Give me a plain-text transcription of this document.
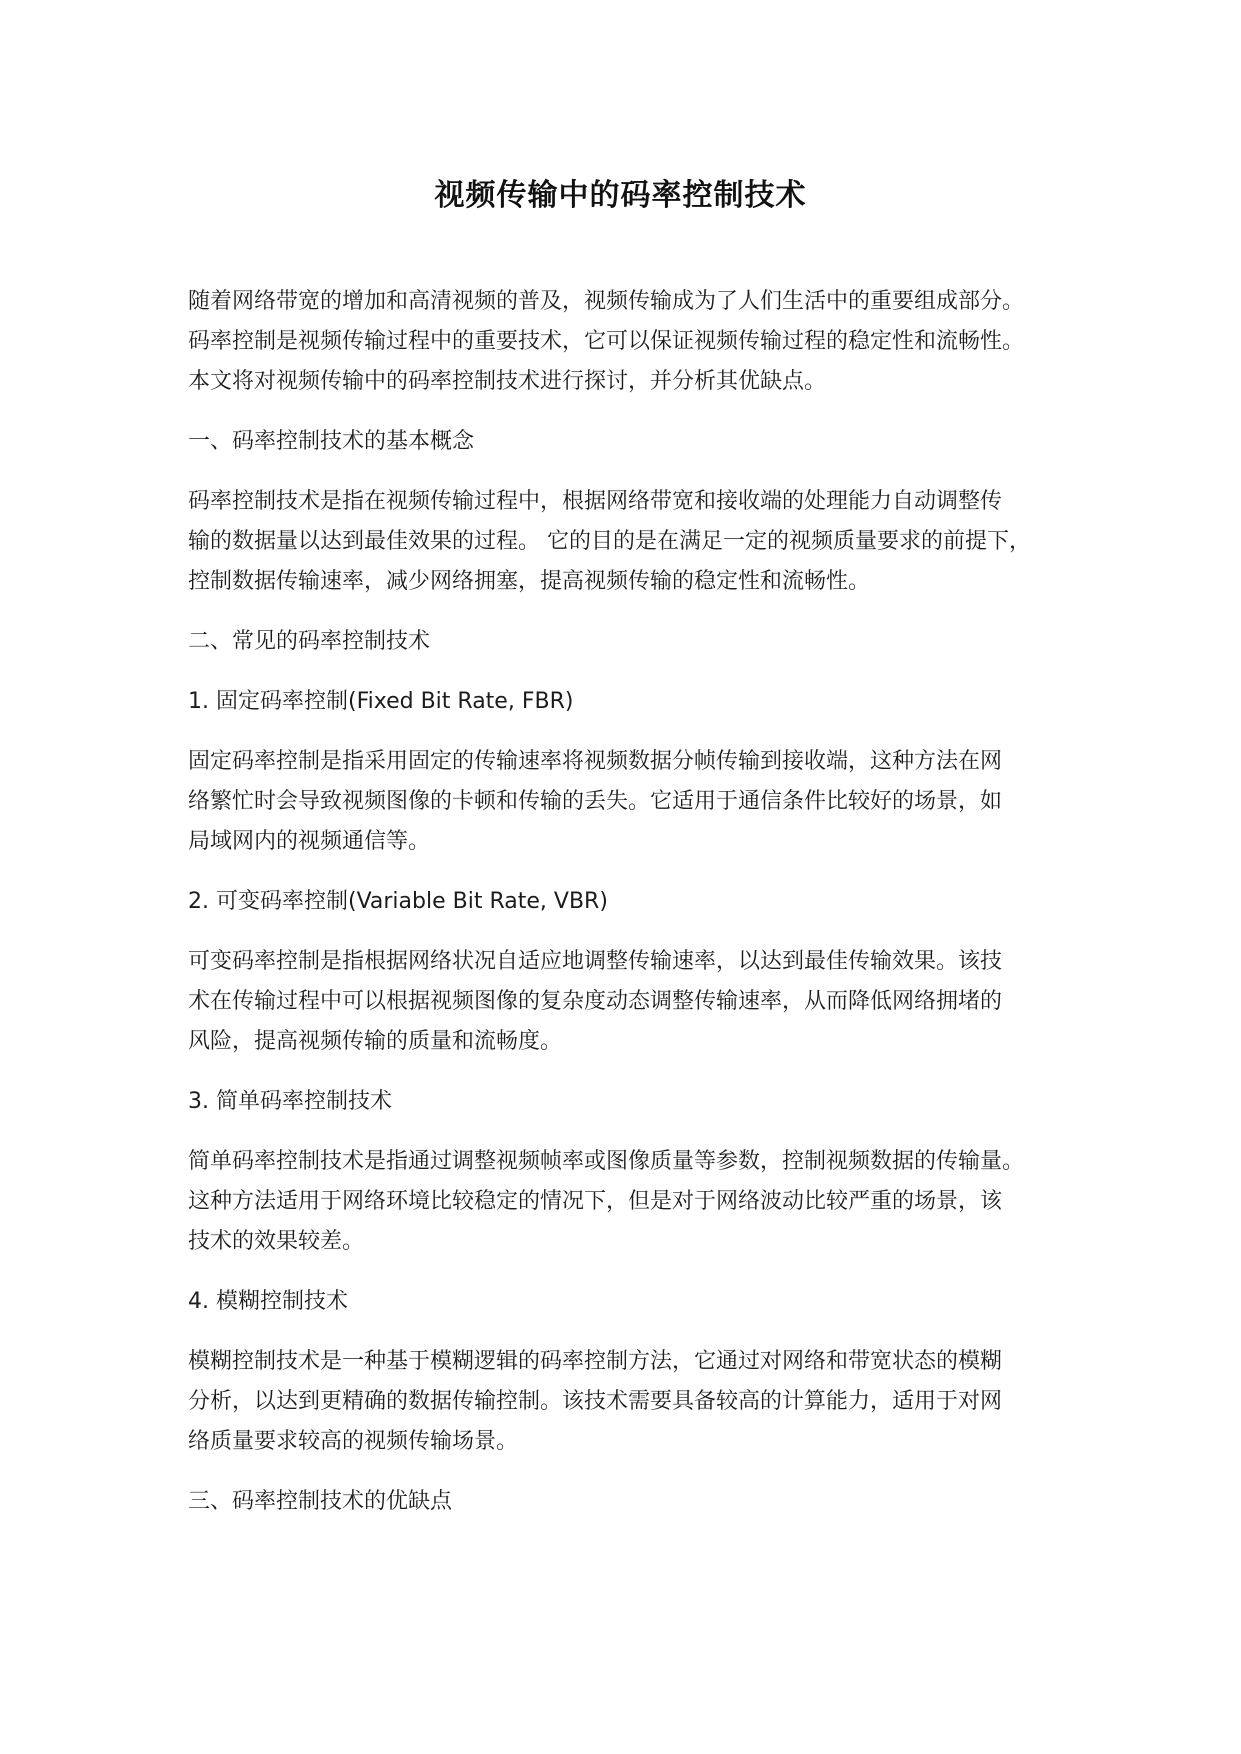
视频传输中的码率控制技术

随着网络带宽的增加和高清视频的普及，视频传输成为了人们生活中的重要组成部分。
码率控制是视频传输过程中的重要技术，它可以保证视频传输过程的稳定性和流畅性。
本文将对视频传输中的码率控制技术进行探讨，并分析其优缺点。

一、码率控制技术的基本概念

码率控制技术是指在视频传输过程中，根据网络带宽和接收端的处理能力自动调整传
输的数据量以达到最佳效果的过程。 它的目的是在满足一定的视频质量要求的前提下，
控制数据传输速率，减少网络拥塞，提高视频传输的稳定性和流畅性。

二、常见的码率控制技术
1. 固定码率控制(Fixed Bit Rate, FBR)

固定码率控制是指采用固定的传输速率将视频数据分帧传输到接收端，这种方法在网
络繁忙时会导致视频图像的卡顿和传输的丢失。它适用于通信条件比较好的场景，如
局域网内的视频通信等。

2. 可变码率控制(Variable Bit Rate, VBR)

可变码率控制是指根据网络状况自适应地调整传输速率，以达到最佳传输效果。该技
术在传输过程中可以根据视频图像的复杂度动态调整传输速率，从而降低网络拥堵的
风险，提高视频传输的质量和流畅度。

3. 简单码率控制技术

简单码率控制技术是指通过调整视频帧率或图像质量等参数，控制视频数据的传输量。
这种方法适用于网络环境比较稳定的情况下，但是对于网络波动比较严重的场景，该
技术的效果较差。

4. 模糊控制技术

模糊控制技术是一种基于模糊逻辑的码率控制方法，它通过对网络和带宽状态的模糊
分析，以达到更精确的数据传输控制。该技术需要具备较高的计算能力，适用于对网
络质量要求较高的视频传输场景。

三、码率控制技术的优缺点
